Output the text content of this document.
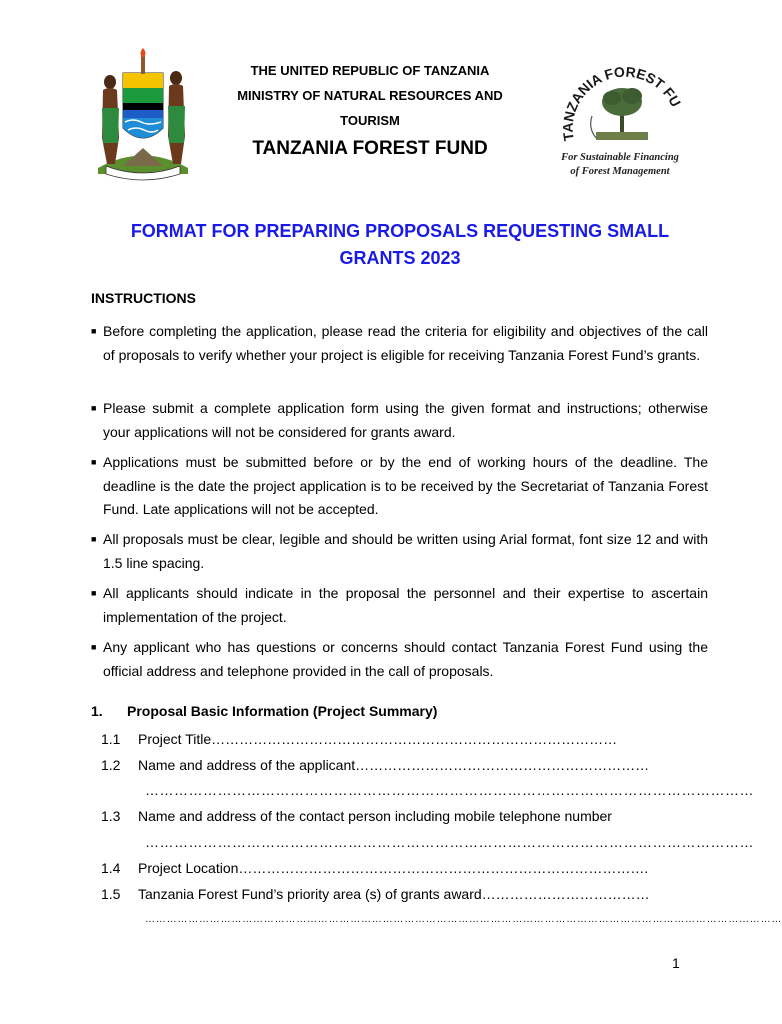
THE UNITED REPUBLIC OF TANZANIA
MINISTRY OF NATURAL RESOURCES AND
TOURISM
TANZANIA FOREST FUND
TANZANIA FOREST FU
For Sustainable Financing
of Forest Management
FORMAT FOR PREPARING PROPOSALS REQUESTING SMALL
GRANTS 2023
INSTRUCTIONS
■ Before completing the application, please read the criteria for eligibility and objectives of the call of proposals to verify whether your project is eligible for receiving Tanzania Forest Fund’s grants.
■ Please submit a complete application form using the given format and instructions; otherwise your applications will not be considered for grants award.
■ Applications must be submitted before or by the end of working hours of the deadline. The deadline is the date the project application is to be received by the Secretariat of Tanzania Forest Fund. Late applications will not be accepted.
■ All proposals must be clear, legible and should be written using Arial format, font size 12 and with 1.5 line spacing.
■ All applicants should indicate in the proposal the personnel and their expertise to ascertain implementation of the project.
■ Any applicant who has questions or concerns should contact Tanzania Forest Fund using the official address and telephone provided in the call of proposals.
1. Proposal Basic Information (Project Summary)
1.1 Project Title……………………………………………………………………………
1.2 Name and address of the applicant………………………………………………………
………………………………………………………………………………………………………………
1.3 Name and address of the contact person including mobile telephone number
………………………………………………………………………………………………………………
1.4 Project Location…………………………………………………………………………….
1.5 Tanzania Forest Fund’s priority area (s) of grants award………………………………
……………………………………………………………………………………………………………………………………………………………
1
